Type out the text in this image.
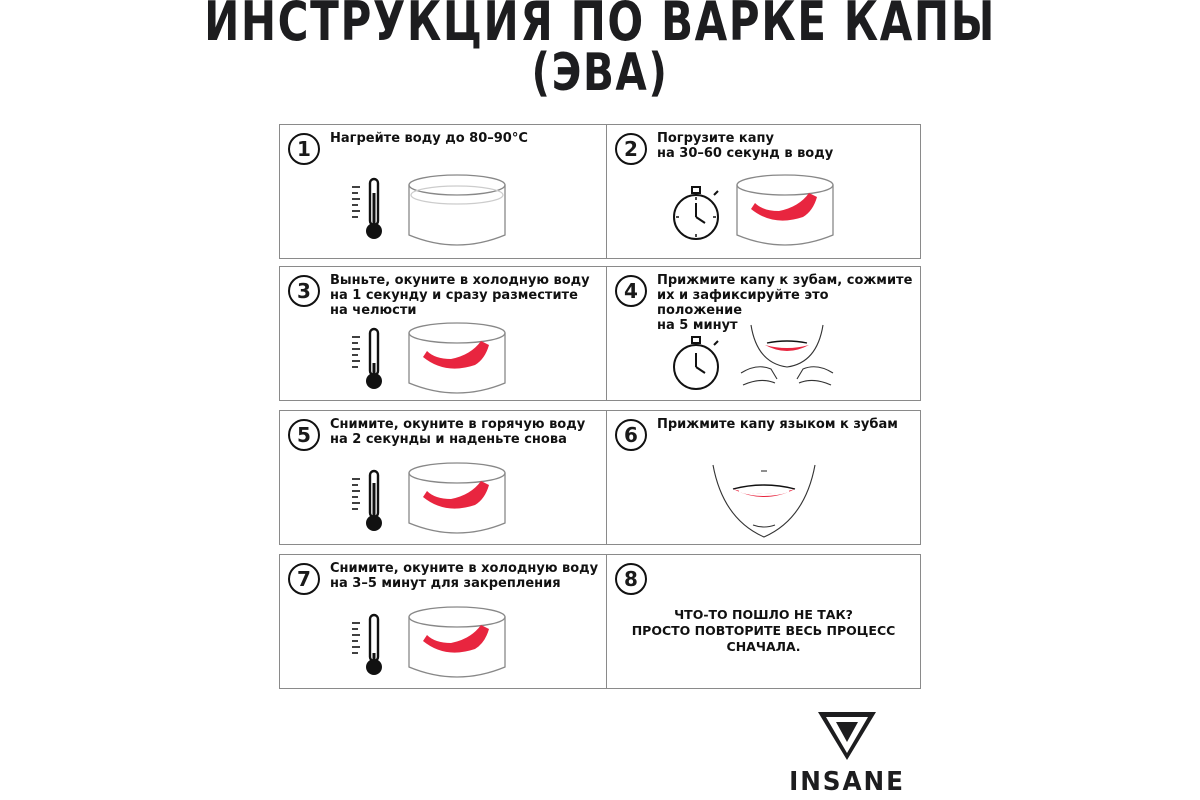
ИНСТРУКЦИЯ ПО ВАРКЕ КАПЫ
(ЭВА)
1	Нагрейте воду до 80–90°C	2	Погрузите капу
на 30–60 секунд в воду
3	Выньте, окуните в холодную воду
на 1 секунду и сразу разместите
на челюсти
4	Прижмите капу к зубам, сожмите
их и зафиксируйте это положение
на 5 минут
5	Снимите, окуните в горячую воду
на 2 секунды и наденьте снова	6	Прижмите капу языком к зубам
7	Снимите, окуните в холодную воду
на 3–5 минут для закрепления	8
ЧТО-ТО ПОШЛО НЕ ТАК?
ПРОСТО ПОВТОРИТЕ ВЕСЬ ПРОЦЕСС СНАЧАЛА.
INSANE
